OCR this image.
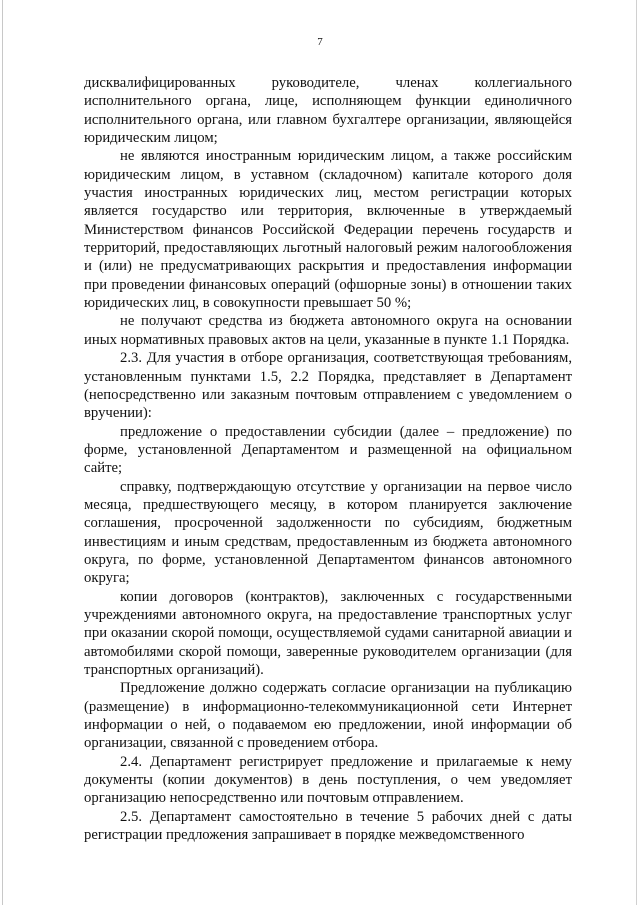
7

дисквалифицированных руководителе, членах коллегиального исполнительного органа, лице, исполняющем функции единоличного исполнительного органа, или главном бухгалтере организации, являющейся юридическим лицом;

не являются иностранным юридическим лицом, а также российским юридическим лицом, в уставном (складочном) капитале которого доля участия иностранных юридических лиц, местом регистрации которых является государство или территория, включенные в утверждаемый Министерством финансов Российской Федерации перечень государств и территорий, предоставляющих льготный налоговый режим налогообложения и (или) не предусматривающих раскрытия и предоставления информации при проведении финансовых операций (офшорные зоны) в отношении таких юридических лиц, в совокупности превышает 50 %;

не получают средства из бюджета автономного округа на основании иных нормативных правовых актов на цели, указанные в пункте 1.1 Порядка.

2.3. Для участия в отборе организация, соответствующая требованиям, установленным пунктами 1.5, 2.2 Порядка, представляет в Департамент (непосредственно или заказным почтовым отправлением с уведомлением о вручении):

предложение о предоставлении субсидии (далее – предложение) по форме, установленной Департаментом и размещенной на официальном сайте;

справку, подтверждающую отсутствие у организации на первое число месяца, предшествующего месяцу, в котором планируется заключение соглашения, просроченной задолженности по субсидиям, бюджетным инвестициям и иным средствам, предоставленным из бюджета автономного округа, по форме, установленной Департаментом финансов автономного округа;

копии договоров (контрактов), заключенных с государственными учреждениями автономного округа, на предоставление транспортных услуг при оказании скорой помощи, осуществляемой судами санитарной авиации и автомобилями скорой помощи, заверенные руководителем организации (для транспортных организаций).

Предложение должно содержать согласие организации на публикацию (размещение) в информационно-телекоммуникационной сети Интернет информации о ней, о подаваемом ею предложении, иной информации об организации, связанной с проведением отбора.

2.4. Департамент регистрирует предложение и прилагаемые к нему документы (копии документов) в день поступления, о чем уведомляет организацию непосредственно или почтовым отправлением.

2.5. Департамент самостоятельно в течение 5 рабочих дней с даты регистрации предложения запрашивает в порядке межведомственного
